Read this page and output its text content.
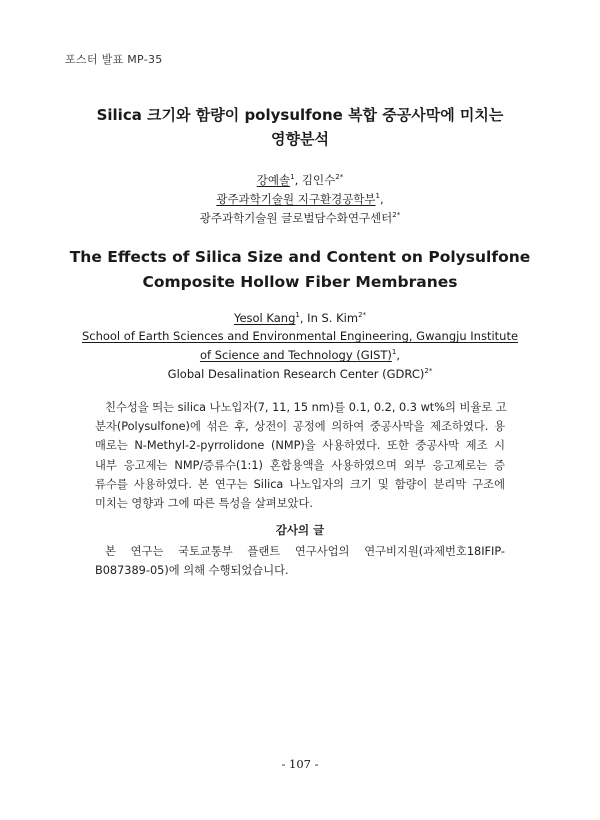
포스터 발표 MP-35
Silica 크기와 함량이 polysulfone 복합 중공사막에 미치는
영향분석
강예솔$^1$, 김인수$^{2*}$
광주과학기술원 지구환경공학부$^1$,
광주과학기술원 글로벌담수화연구센터$^{2*}$
The Effects of Silica Size and Content on Polysulfone
Composite Hollow Fiber Membranes
Yesol Kang$^1$, In S. Kim$^{2*}$
School of Earth Sciences and Environmental Engineering, Gwangju Institute
of Science and Technology (GIST)$^1$,
Global Desalination Research Center (GDRC)$^{2*}$
친수성을 띄는 silica 나노입자(7, 11, 15 nm)를 0.1, 0.2, 0.3 wt%의 비율로 고
분자(Polysulfone)에 섞은 후, 상전이 공정에 의하여 중공사막을 제조하였다. 용
매로는 N-Methyl-2-pyrrolidone (NMP)을 사용하였다. 또한 중공사막 제조 시
내부 응고제는 NMP/증류수(1:1) 혼합용액을 사용하였으며 외부 응고제로는 증
류수를 사용하였다. 본 연구는 Silica 나노입자의 크기 및 함량이 분리막 구조에
미치는 영향과 그에 따른 특성을 살펴보았다.
감사의 글
본 연구는 국토교통부 플랜트 연구사업의 연구비지원(과제번호18IFIP-
B087389-05)에 의해 수행되었습니다.
- 107 -
